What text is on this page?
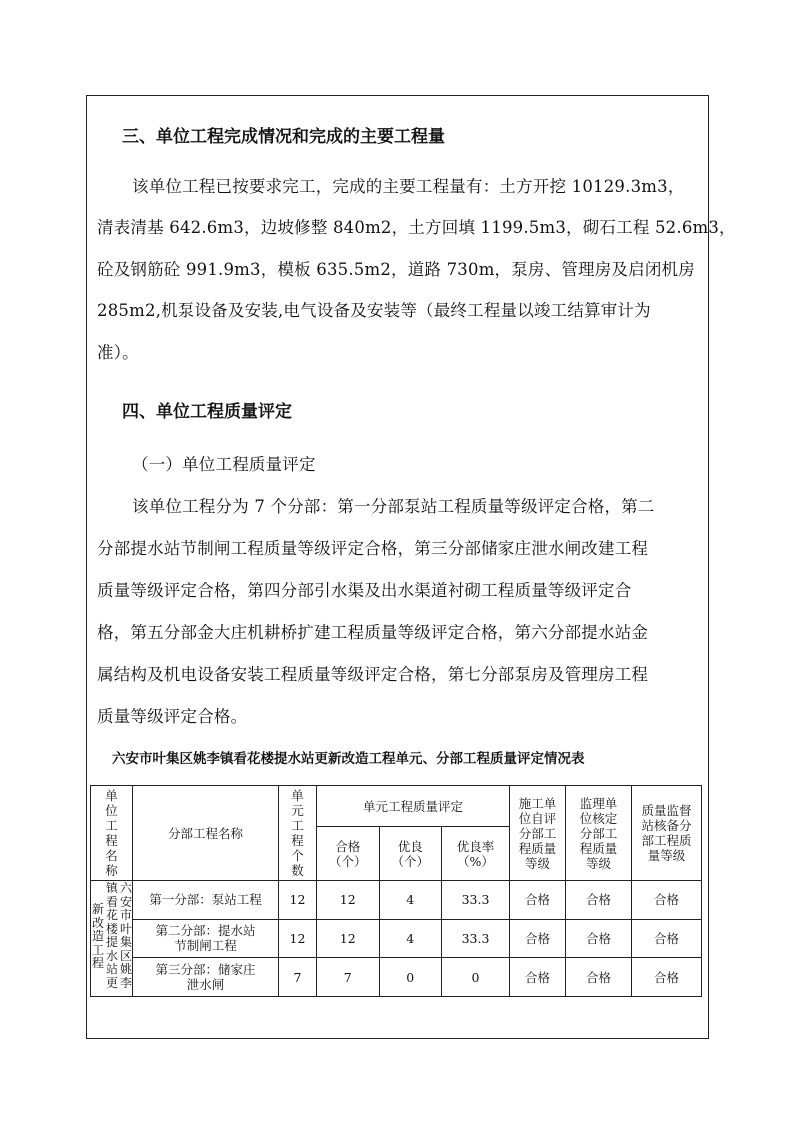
三、单位工程完成情况和完成的主要工程量
该单位工程已按要求完工，完成的主要工程量有：土方开挖 10129.3m3，
清表清基 642.6m3，边坡修整 840m2，土方回填 1199.5m3，砌石工程 52.6m3，
砼及钢筋砼 991.9m3，模板 635.5m2，道路 730m，泵房、管理房及启闭机房
285m2,机泵设备及安装,电气设备及安装等（最终工程量以竣工结算审计为
准）。
四、单位工程质量评定
（一）单位工程质量评定
该单位工程分为 7 个分部：第一分部泵站工程质量等级评定合格，第二
分部提水站节制闸工程质量等级评定合格，第三分部储家庄泄水闸改建工程
质量等级评定合格，第四分部引水渠及出水渠道衬砌工程质量等级评定合
格，第五分部金大庄机耕桥扩建工程质量等级评定合格，第六分部提水站金
属结构及机电设备安装工程质量等级评定合格，第七分部泵房及管理房工程
质量等级评定合格。
六安市叶集区姚李镇看花楼提水站更新改造工程单元、分部工程质量评定情况表
单位工程名称	分部工程名称	单元工程个数	单元工程质量评定			施工单位自评分部工程质量等级	监理单位核定分部工程质量等级	质量监督站核备分部工程质量等级
			合格（个）	优良（个）	优良率（%）			

新改造工程
镇看花楼提水站更
六安市叶集区姚李	第一分部：泵站工程	12	12	4	33.3	合格	合格	合格
	第二分部：提水站节制闸工程	12	12	4	33.3	合格	合格	合格
	第三分部：储家庄泄水闸	7	7	0	0	合格	合格	合格
